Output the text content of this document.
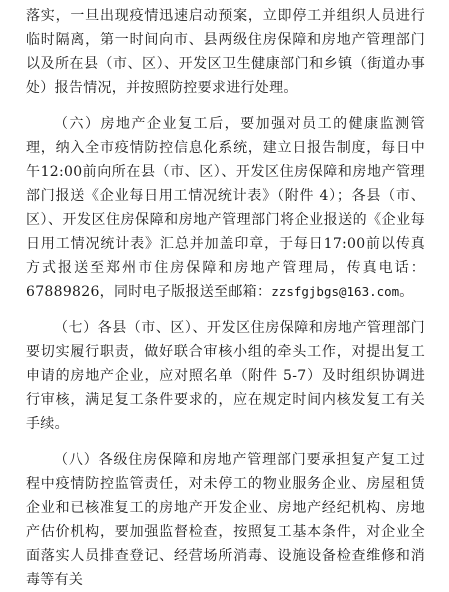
落实，一旦出现疫情迅速启动预案，立即停工并组织人员进行临时隔离，第一时间向市、县两级住房保障和房地产管理部门以及所在县（市、区）、开发区卫生健康部门和乡镇（街道办事处）报告情况，并按照防控要求进行处理。

（六）房地产企业复工后，要加强对员工的健康监测管理，纳入全市疫情防控信息化系统，建立日报告制度，每日中午12:00前向所在县（市、区）、开发区住房保障和房地产管理部门报送《企业每日用工情况统计表》（附件 4）；各县（市、区）、开发区住房保障和房地产管理部门将企业报送的《企业每日用工情况统计表》汇总并加盖印章，于每日17:00前以传真方式报送至郑州市住房保障和房地产管理局，传真电话：67889826，同时电子版报送至邮箱：zzsfgjbgs@163.com。

（七）各县（市、区）、开发区住房保障和房地产管理部门要切实履行职责，做好联合审核小组的牵头工作，对提出复工申请的房地产企业，应对照名单（附件 5-7）及时组织协调进行审核，满足复工条件要求的，应在规定时间内核发复工有关手续。

（八）各级住房保障和房地产管理部门要承担复产复工过程中疫情防控监管责任，对未停工的物业服务企业、房屋租赁企业和已核准复工的房地产开发企业、房地产经纪机构、房地产估价机构，要加强监督检查，按照复工基本条件，对企业全面落实人员排查登记、经营场所消毒、设施设备检查维修和消毒等有关
